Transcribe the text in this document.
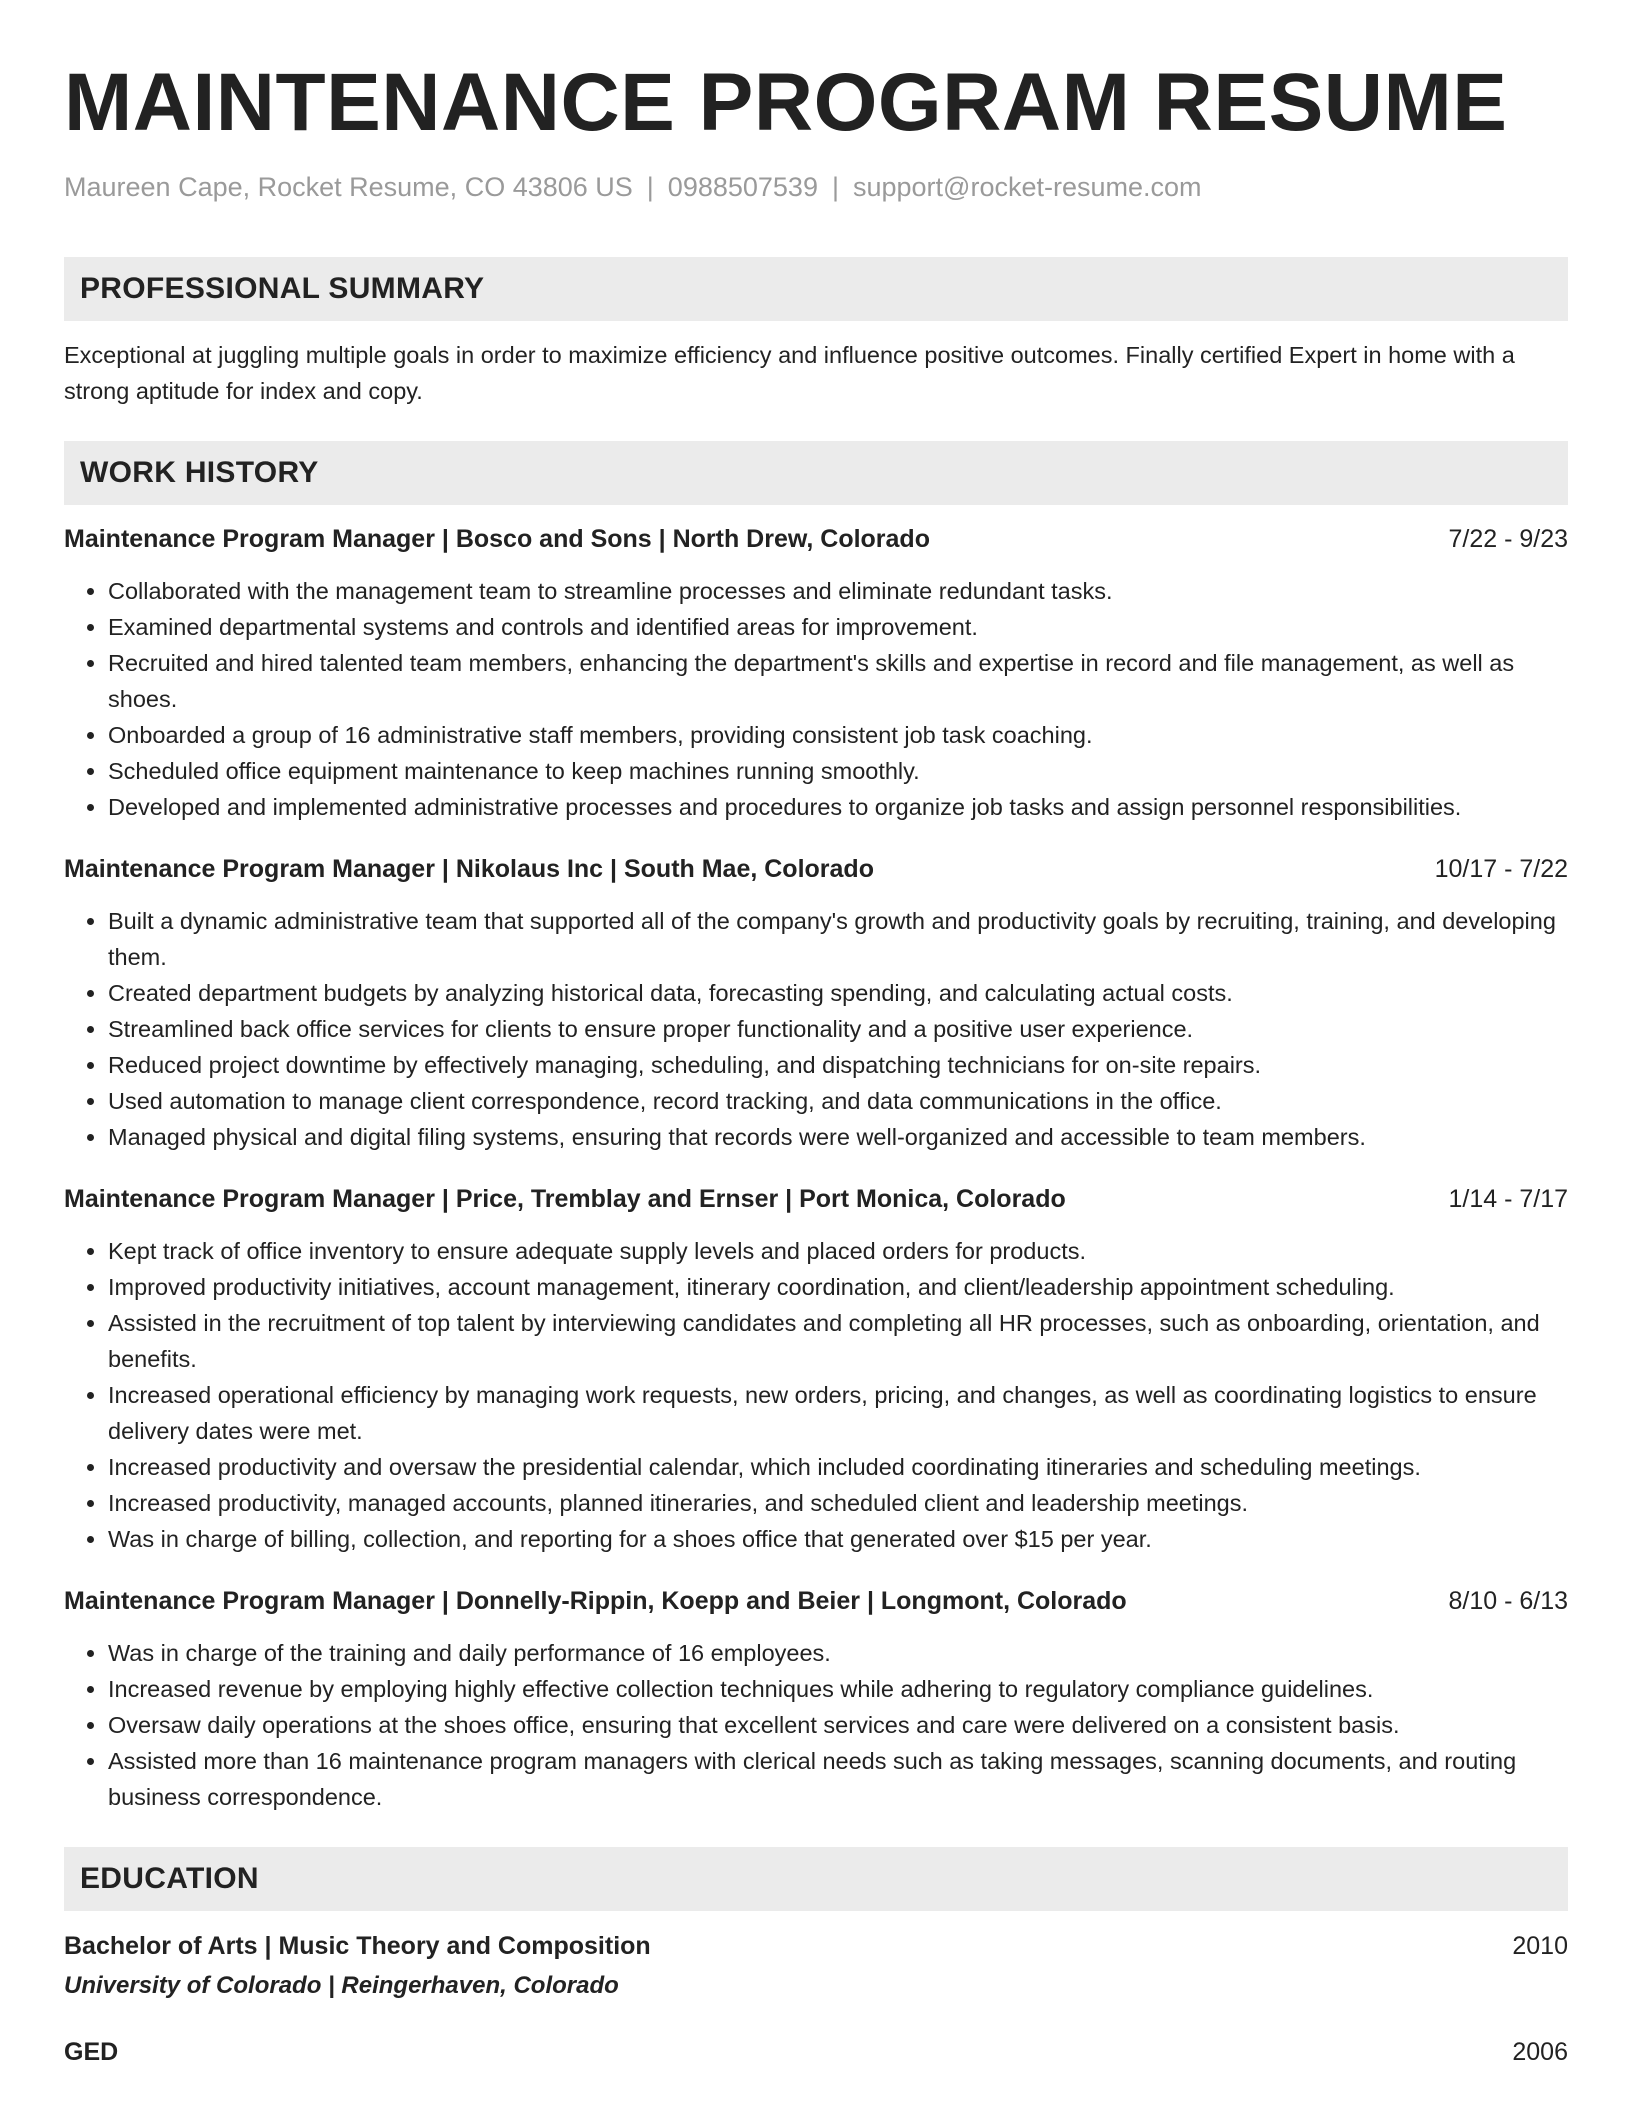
MAINTENANCE PROGRAM RESUME
Maureen Cape, Rocket Resume, CO 43806 US | 0988507539 | support@rocket-resume.com
PROFESSIONAL SUMMARY
Exceptional at juggling multiple goals in order to maximize efficiency and influence positive outcomes. Finally certified Expert in home with a strong aptitude for index and copy.
WORK HISTORY
Maintenance Program Manager | Bosco and Sons | North Drew, Colorado	7/22 - 9/23
• Collaborated with the management team to streamline processes and eliminate redundant tasks.
• Examined departmental systems and controls and identified areas for improvement.
• Recruited and hired talented team members, enhancing the department's skills and expertise in record and file management, as well as shoes.
• Onboarded a group of 16 administrative staff members, providing consistent job task coaching.
• Scheduled office equipment maintenance to keep machines running smoothly.
• Developed and implemented administrative processes and procedures to organize job tasks and assign personnel responsibilities.
Maintenance Program Manager | Nikolaus Inc | South Mae, Colorado	10/17 - 7/22
• Built a dynamic administrative team that supported all of the company's growth and productivity goals by recruiting, training, and developing them.
• Created department budgets by analyzing historical data, forecasting spending, and calculating actual costs.
• Streamlined back office services for clients to ensure proper functionality and a positive user experience.
• Reduced project downtime by effectively managing, scheduling, and dispatching technicians for on-site repairs.
• Used automation to manage client correspondence, record tracking, and data communications in the office.
• Managed physical and digital filing systems, ensuring that records were well-organized and accessible to team members.
Maintenance Program Manager | Price, Tremblay and Ernser | Port Monica, Colorado	1/14 - 7/17
• Kept track of office inventory to ensure adequate supply levels and placed orders for products.
• Improved productivity initiatives, account management, itinerary coordination, and client/leadership appointment scheduling.
• Assisted in the recruitment of top talent by interviewing candidates and completing all HR processes, such as onboarding, orientation, and benefits.
• Increased operational efficiency by managing work requests, new orders, pricing, and changes, as well as coordinating logistics to ensure delivery dates were met.
• Increased productivity and oversaw the presidential calendar, which included coordinating itineraries and scheduling meetings.
• Increased productivity, managed accounts, planned itineraries, and scheduled client and leadership meetings.
• Was in charge of billing, collection, and reporting for a shoes office that generated over $15 per year.
Maintenance Program Manager | Donnelly-Rippin, Koepp and Beier | Longmont, Colorado	8/10 - 6/13
• Was in charge of the training and daily performance of 16 employees.
• Increased revenue by employing highly effective collection techniques while adhering to regulatory compliance guidelines.
• Oversaw daily operations at the shoes office, ensuring that excellent services and care were delivered on a consistent basis.
• Assisted more than 16 maintenance program managers with clerical needs such as taking messages, scanning documents, and routing business correspondence.
EDUCATION
Bachelor of Arts | Music Theory and Composition	2010
University of Colorado | Reingerhaven, Colorado
GED	2006
